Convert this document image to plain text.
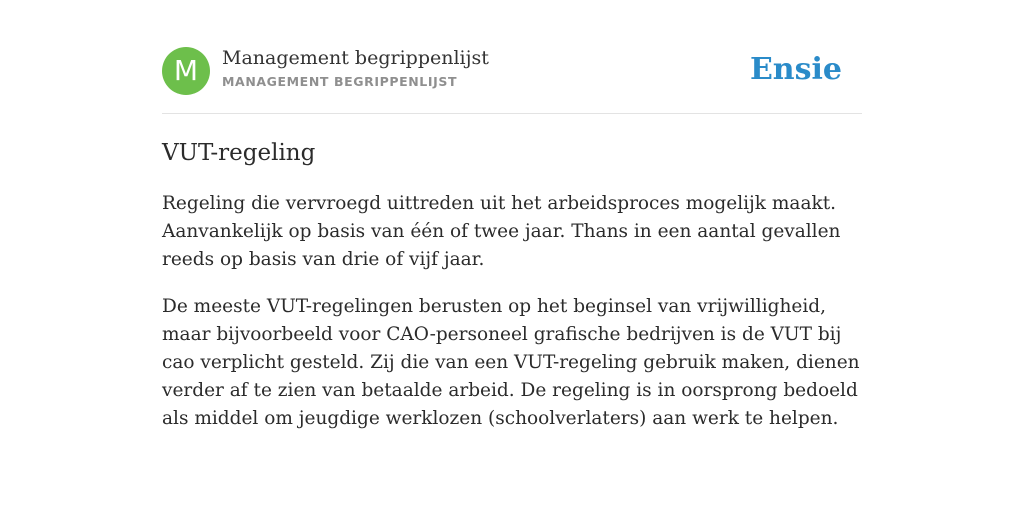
M	Management begrippenlijst
MANAGEMENT BEGRIPPENLIJST	Ensie
VUT-regeling

Regeling die vervroegd uittreden uit het arbeidsproces mogelijk maakt. Aanvankelijk op basis van één of twee jaar. Thans in een aantal gevallen reeds op basis van drie of vijf jaar.

De meeste VUT-regelingen berusten op het beginsel van vrijwilligheid, maar bijvoorbeeld voor CAO-personeel grafische bedrijven is de VUT bij cao verplicht gesteld. Zij die van een VUT-regeling gebruik maken, dienen verder af te zien van betaalde arbeid. De regeling is in oorsprong bedoeld als middel om jeugdige werklozen (schoolverlaters) aan werk te helpen.
